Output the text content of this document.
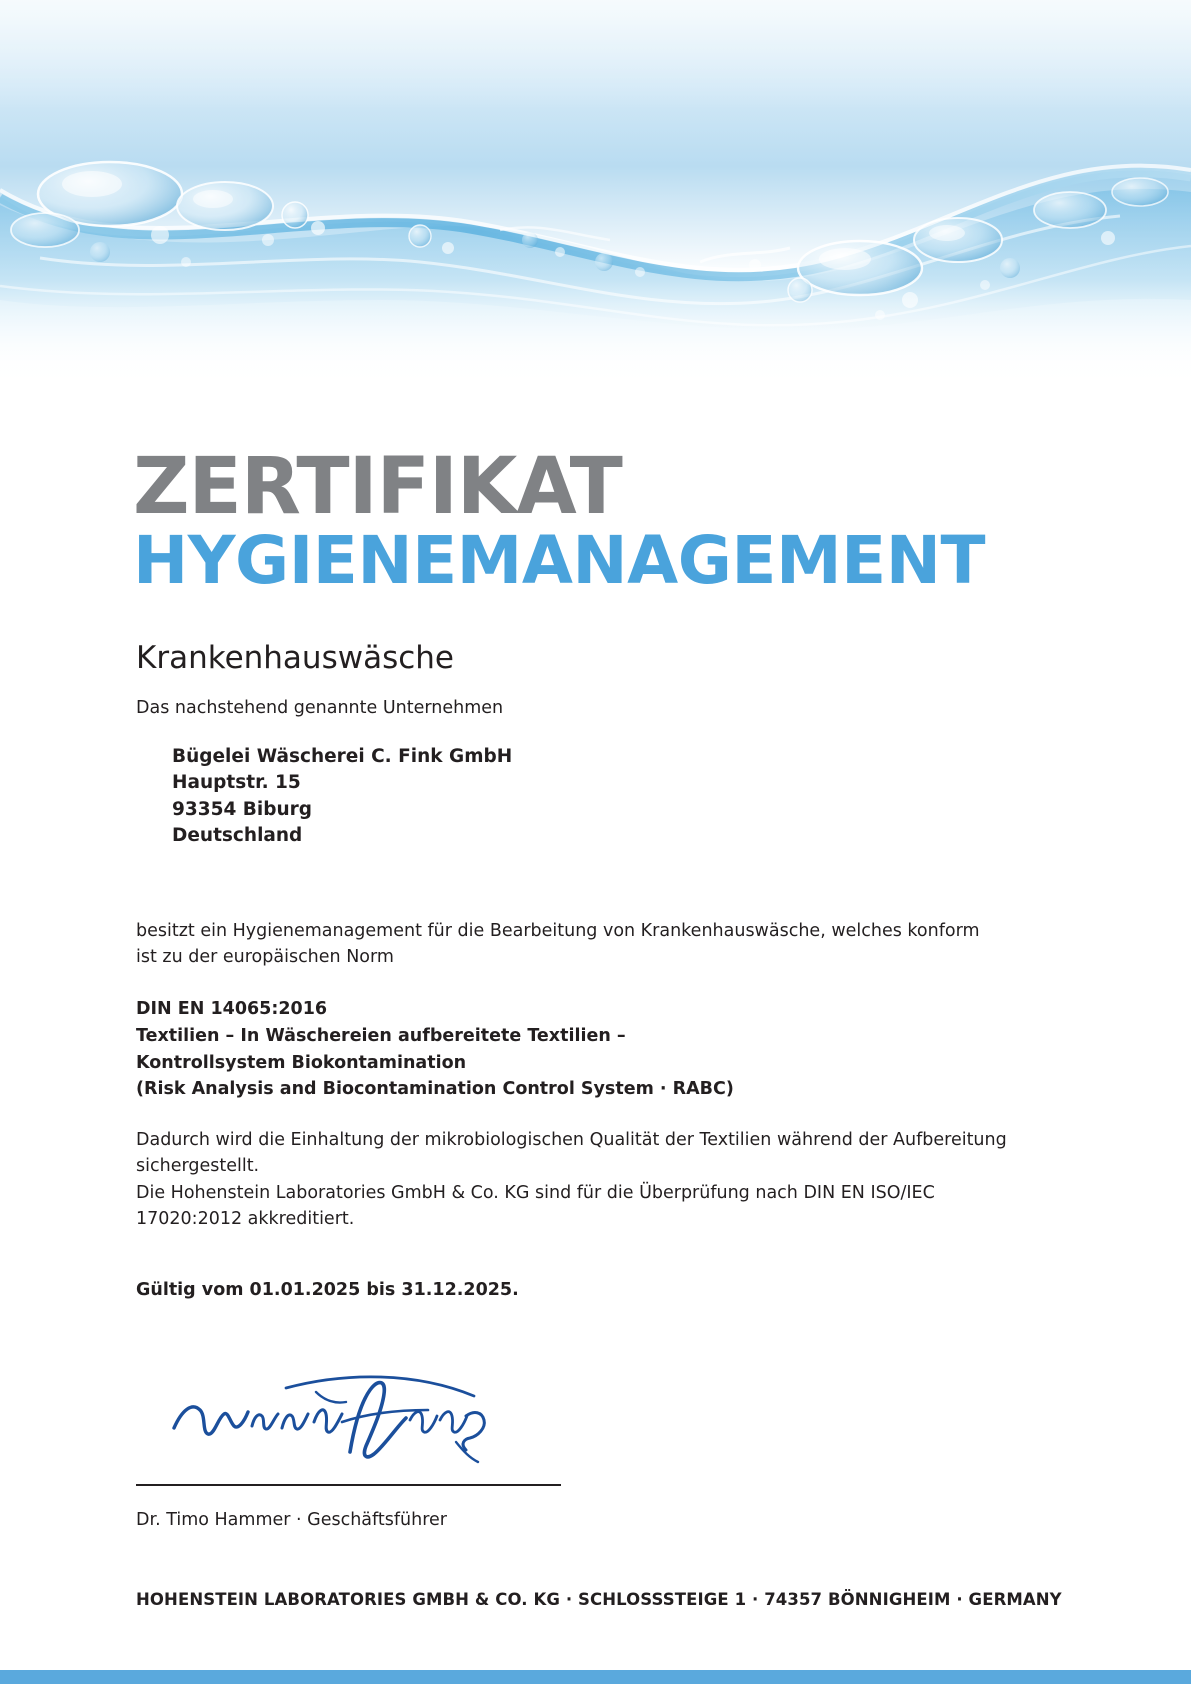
ZERTIFIKAT
HYGIENEMANAGEMENT
Krankenhauswäsche
Das nachstehend genannte Unternehmen
Bügelei Wäscherei C. Fink GmbH
Hauptstr. 15
93354 Biburg
Deutschland
besitzt ein Hygienemanagement für die Bearbeitung von Krankenhauswäsche, welches konform ist zu der europäischen Norm
DIN EN 14065:2016
Textilien – In Wäschereien aufbereitete Textilien –
Kontrollsystem Biokontamination
(Risk Analysis and Biocontamination Control System · RABC)
Dadurch wird die Einhaltung der mikrobiologischen Qualität der Textilien während der Aufbereitung sichergestellt.
Die Hohenstein Laboratories GmbH & Co. KG sind für die Überprüfung nach DIN EN ISO/IEC 17020:2012 akkreditiert.
Gültig vom 01.01.2025 bis 31.12.2025.
Dr. Timo Hammer · Geschäftsführer
HOHENSTEIN LABORATORIES GMBH & CO. KG · SCHLOSSSTEIGE 1 · 74357 BÖNNIGHEIM · GERMANY
